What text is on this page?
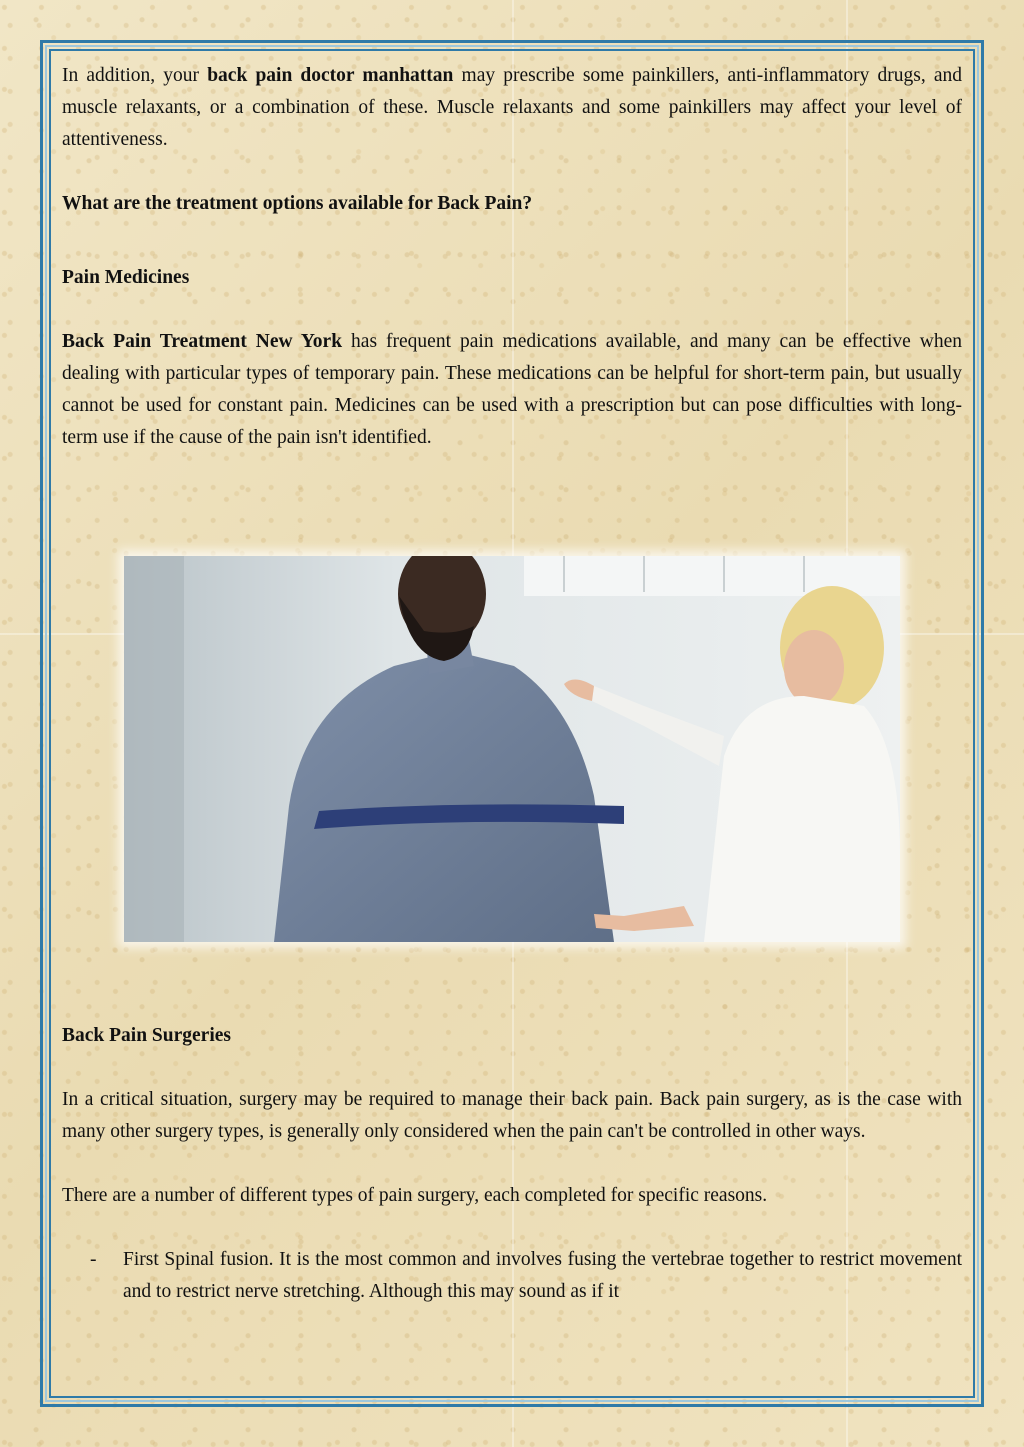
In addition, your back pain doctor manhattan may prescribe some painkillers, anti-inflammatory drugs, and muscle relaxants, or a combination of these. Muscle relaxants and some painkillers may affect your level of attentiveness.

What are the treatment options available for Back Pain?

Pain Medicines

Back Pain Treatment New York has frequent pain medications available, and many can be effective when dealing with particular types of temporary pain. These medications can be helpful for short-term pain, but usually cannot be used for constant pain. Medicines can be used with a prescription but can pose difficulties with long-term use if the cause of the pain isn't identified.

Back Pain Surgeries

In a critical situation, surgery may be required to manage their back pain. Back pain surgery, as is the case with many other surgery types, is generally only considered when the pain can't be controlled in other ways.

There are a number of different types of pain surgery, each completed for specific reasons.

-	First Spinal fusion. It is the most common and involves fusing the vertebrae together to restrict movement and to restrict nerve stretching. Although this may sound as if it
